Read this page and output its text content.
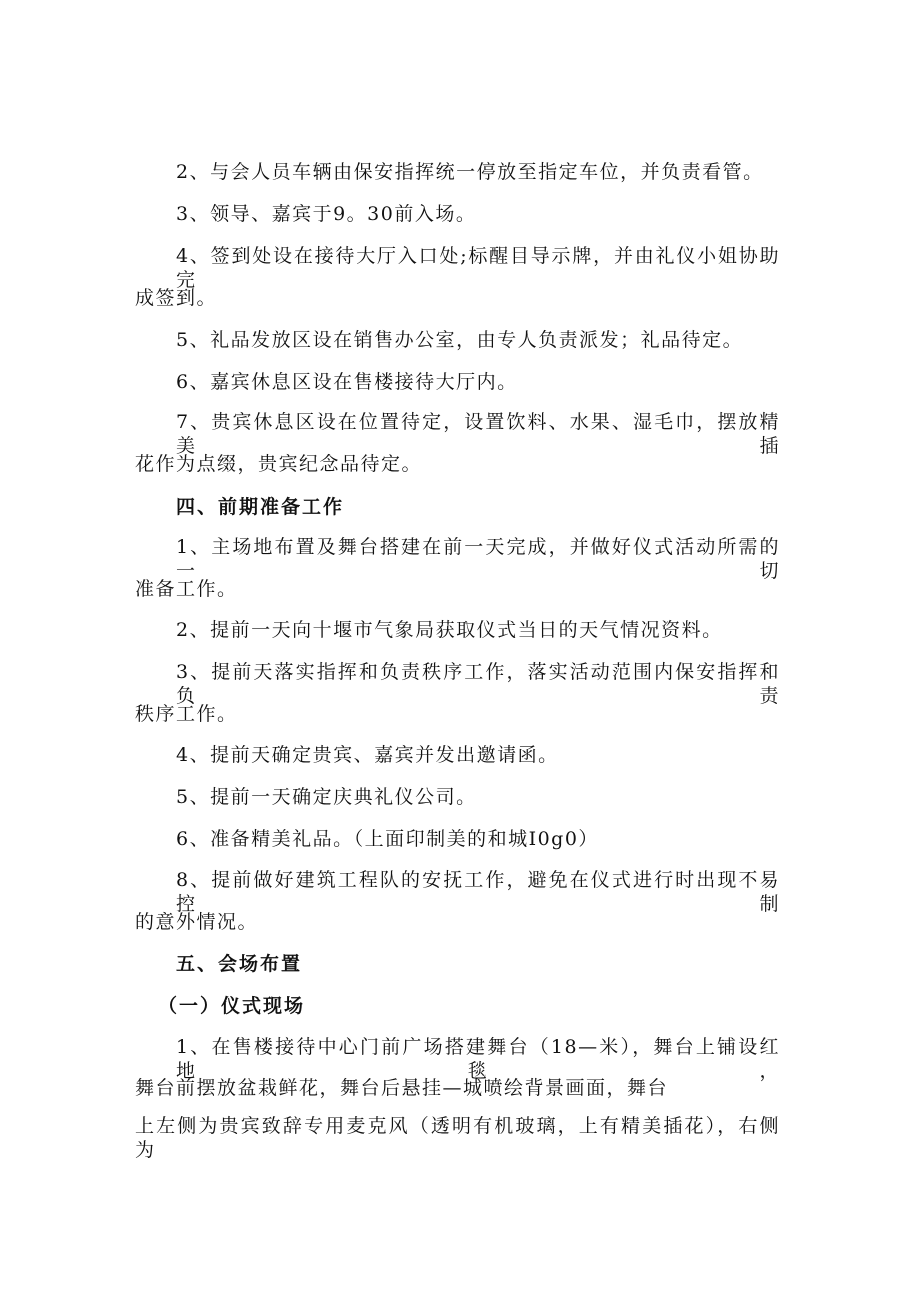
2、与会人员车辆由保安指挥统一停放至指定车位，并负责看管。
3、领导、嘉宾于9。30前入场。
4、签到处设在接待大厅入口处;标醒目导示牌，并由礼仪小姐协助完
成签到。
5、礼品发放区设在销售办公室，由专人负责派发；礼品待定。
6、嘉宾休息区设在售楼接待大厅内。
7、贵宾休息区设在位置待定，设置饮料、水果、湿毛巾，摆放精美插
花作为点缀，贵宾纪念品待定。
四、前期准备工作
1、主场地布置及舞台搭建在前一天完成，并做好仪式活动所需的一切
准备工作。
2、提前一天向十堰市气象局获取仪式当日的天气情况资料。
3、提前天落实指挥和负责秩序工作，落实活动范围内保安指挥和负责
秩序工作。
4、提前天确定贵宾、嘉宾并发出邀请函。
5、提前一天确定庆典礼仪公司。
6、准备精美礼品。（上面印制美的和城I0g0）
8、提前做好建筑工程队的安抚工作，避免在仪式进行时出现不易控制
的意外情况。
五、会场布置
（一）仪式现场
1、在售楼接待中心门前广场搭建舞台（18—米），舞台上铺设红地毯，
舞台前摆放盆栽鲜花，舞台后悬挂—城喷绘背景画面，舞台
上左侧为贵宾致辞专用麦克风（透明有机玻璃，上有精美插花），右侧为
